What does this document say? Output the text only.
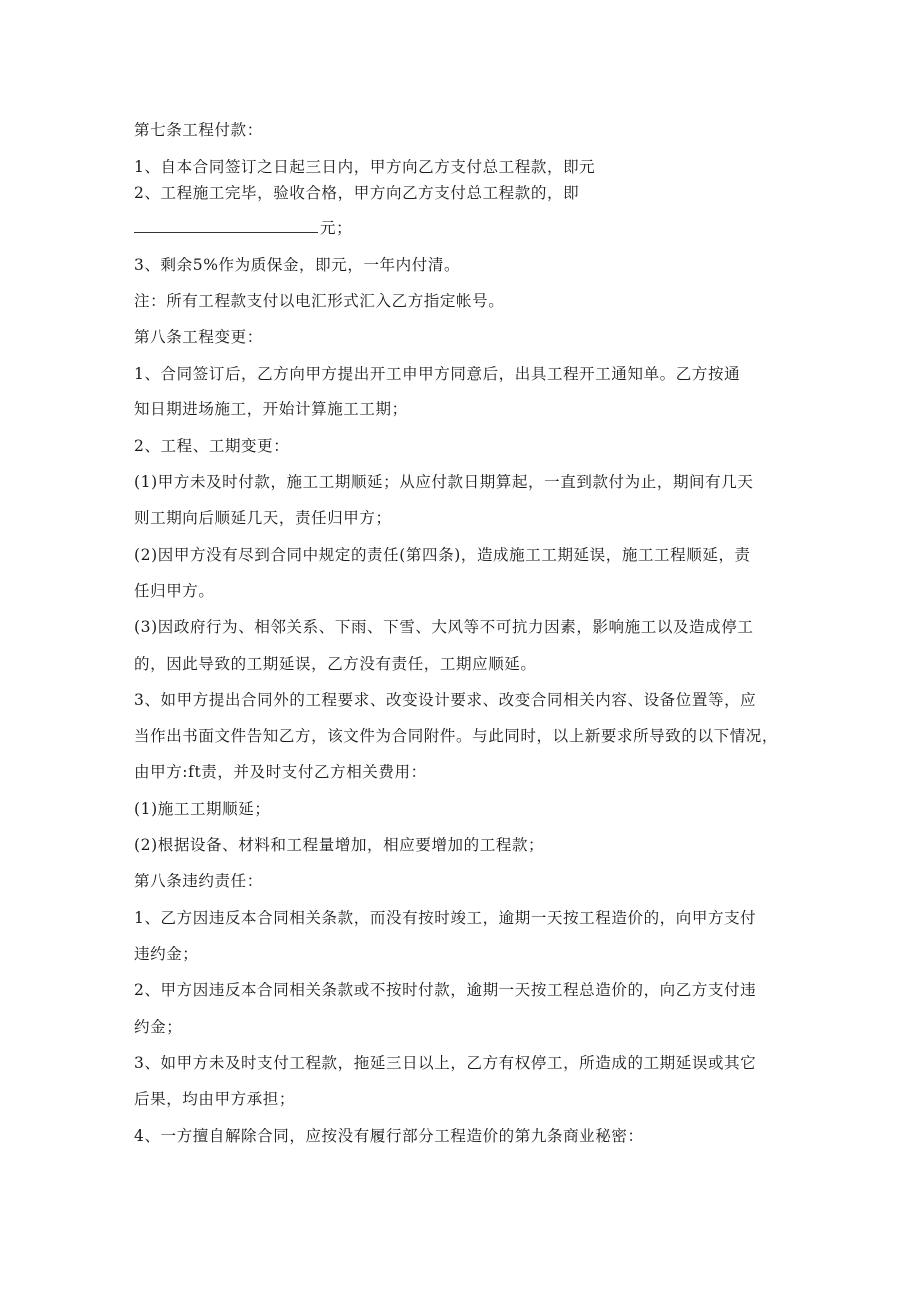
第七条工程付款：

1、自本合同签订之日起三日内，甲方向乙方支付总工程款，即元

2、工程施工完毕，验收合格，甲方向乙方支付总工程款的，即

元；

3、剩余5%作为质保金，即元，一年内付清。

注：所有工程款支付以电汇形式汇入乙方指定帐号。

第八条工程变更：

1、合同签订后，乙方向甲方提出开工申甲方同意后，出具工程开工通知单。乙方按通

知日期进场施工，开始计算施工工期；

2、工程、工期变更：

(1)甲方未及时付款，施工工期顺延；从应付款日期算起，一直到款付为止，期间有几天

则工期向后顺延几天，责任归甲方；

(2)因甲方没有尽到合同中规定的责任(第四条)，造成施工工期延误，施工工程顺延，责

任归甲方。

(3)因政府行为、相邻关系、下雨、下雪、大风等不可抗力因素，影响施工以及造成停工

的，因此导致的工期延误，乙方没有责任，工期应顺延。

3、如甲方提出合同外的工程要求、改变设计要求、改变合同相关内容、设备位置等，应

当作出书面文件告知乙方，该文件为合同附件。与此同时，以上新要求所导致的以下情况，

由甲方:ft责，并及时支付乙方相关费用：

(1)施工工期顺延；

(2)根据设备、材料和工程量增加，相应要增加的工程款；

第八条违约责任：

1、乙方因违反本合同相关条款，而没有按时竣工，逾期一天按工程造价的，向甲方支付

违约金；

2、甲方因违反本合同相关条款或不按时付款，逾期一天按工程总造价的，向乙方支付违

约金；

3、如甲方未及时支付工程款，拖延三日以上，乙方有权停工，所造成的工期延误或其它

后果，均由甲方承担；

4、一方擅自解除合同，应按没有履行部分工程造价的第九条商业秘密：
